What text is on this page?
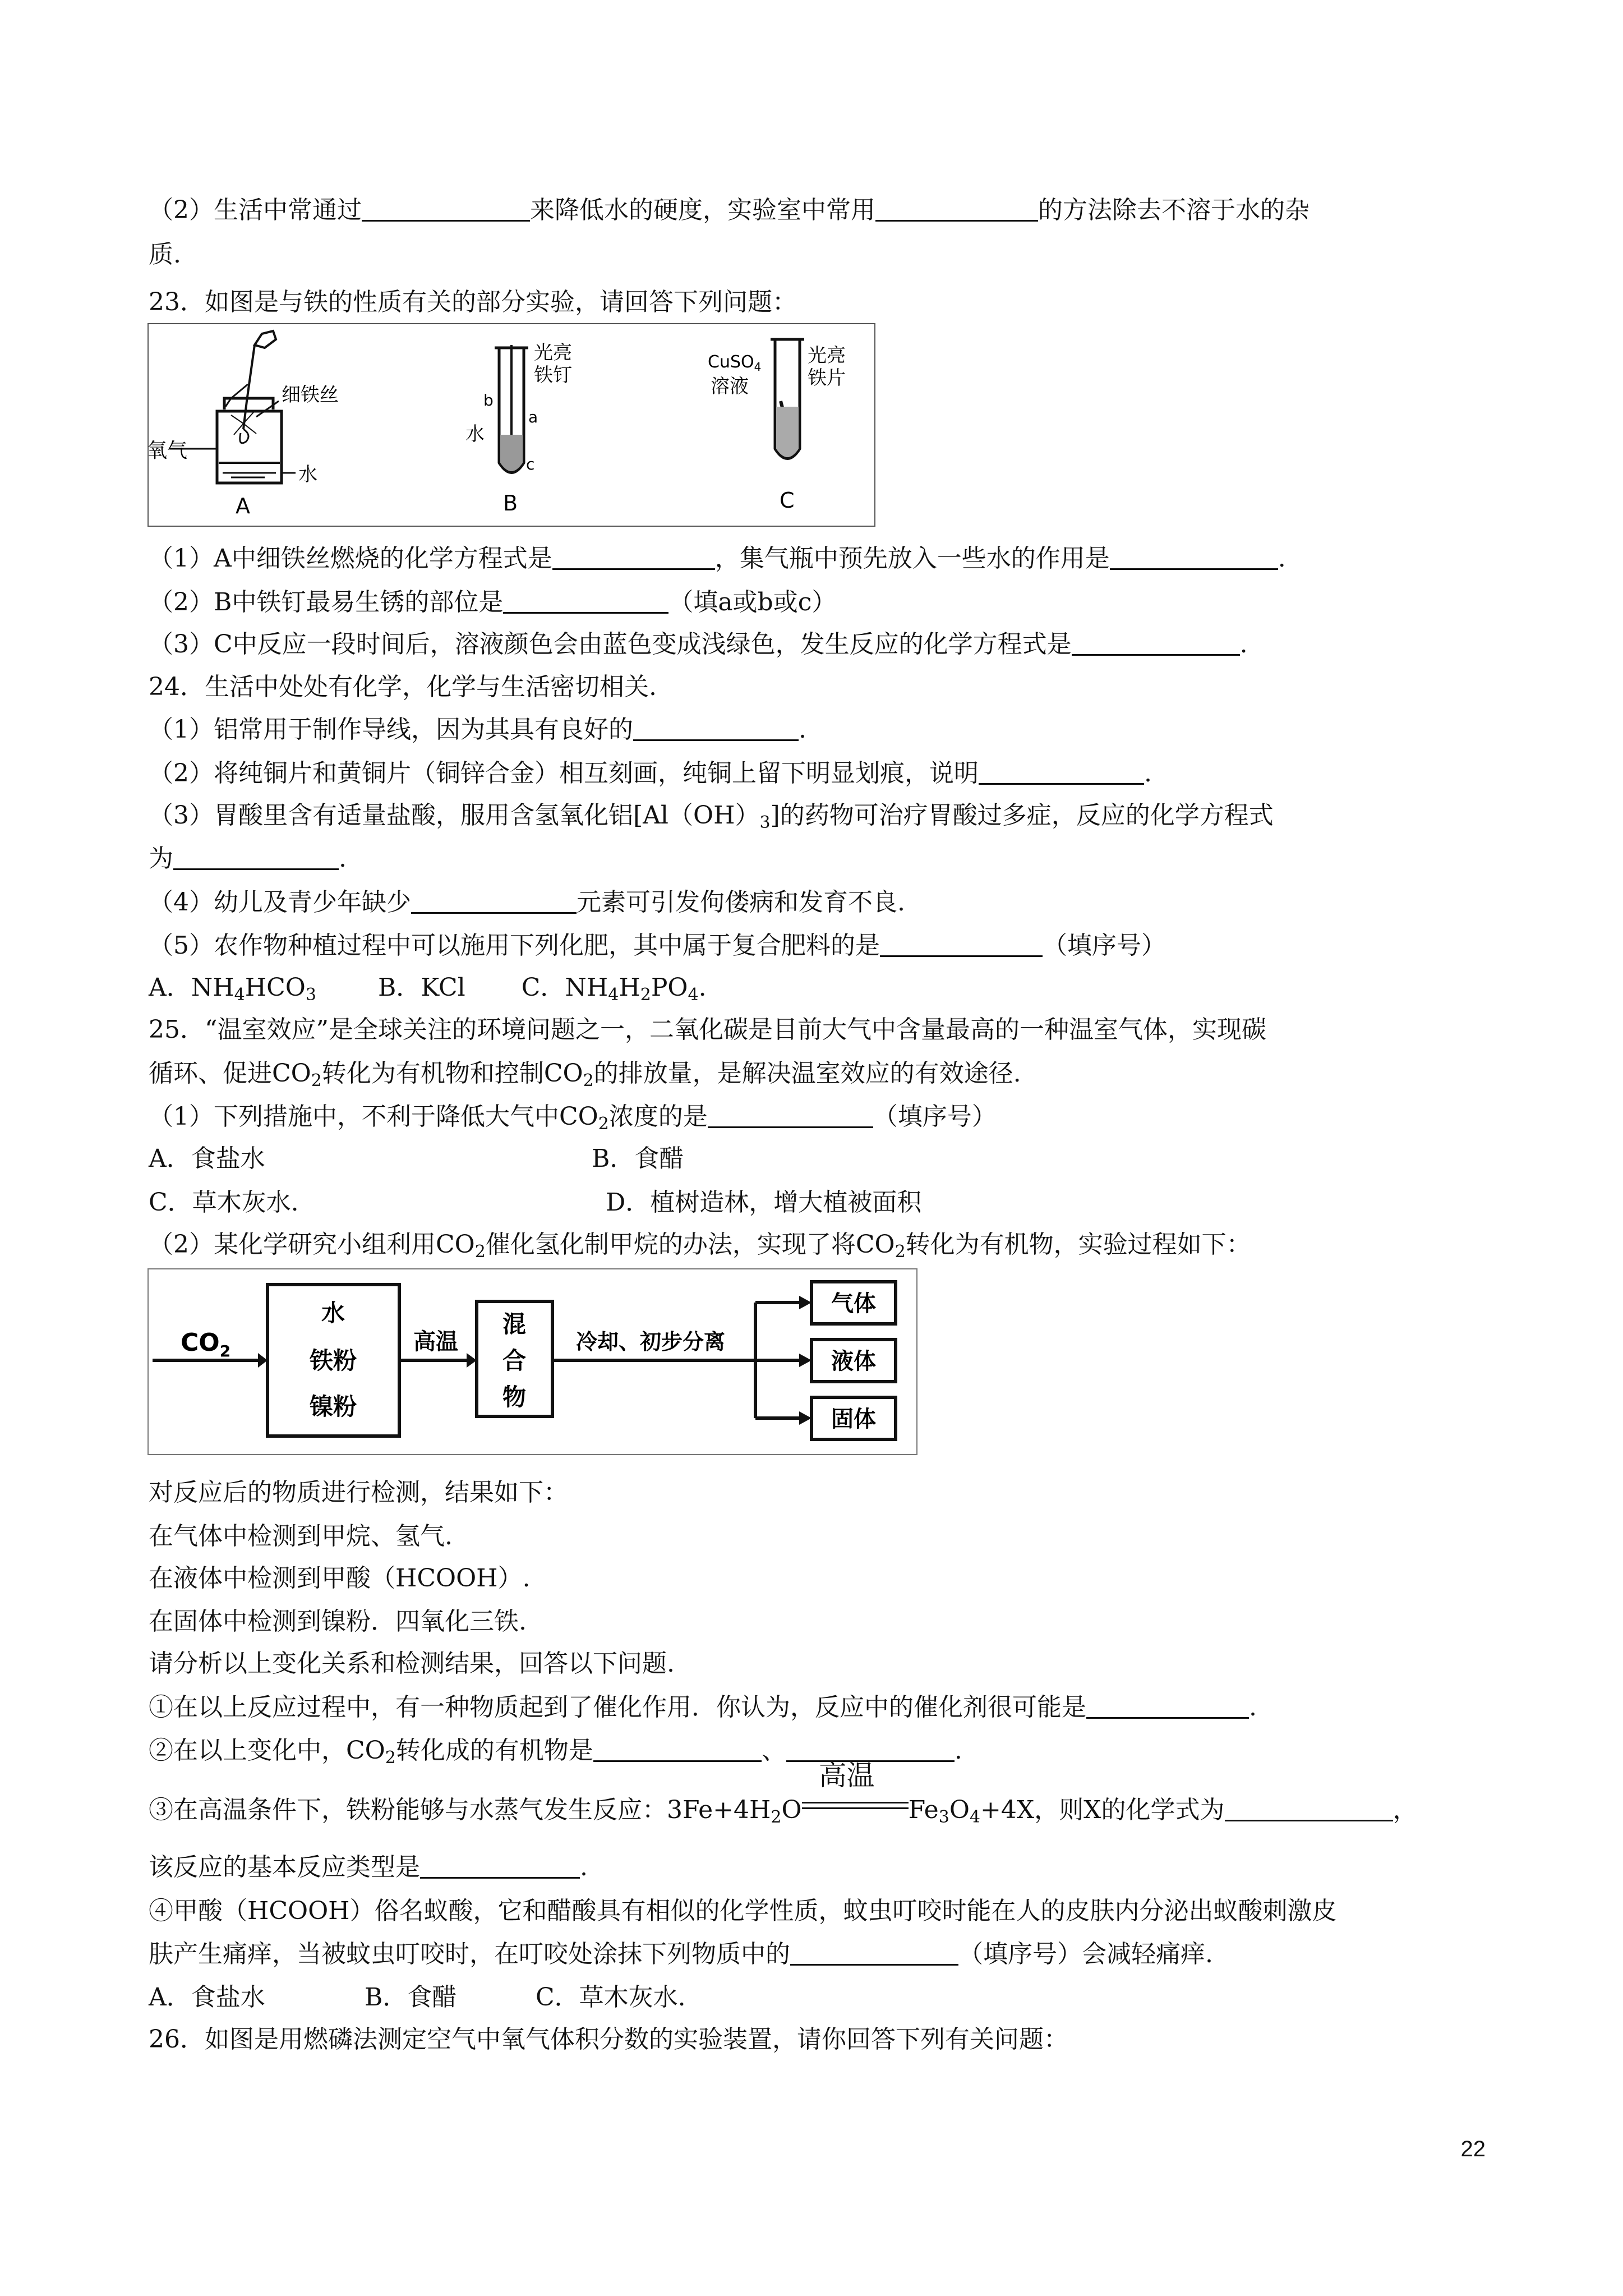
（2）生活中常通过	来降低水的硬度，实验室中常用	的方法除去不溶于水的杂
质.
23．如图是与铁的性质有关的部分实验，请回答下列问题：
氧气
细铁丝
水
A
b
a
水
c
光亮
铁钉
B
CuSO$_4$
溶液
光亮
铁片
C
（1）A中细铁丝燃烧的化学方程式是	，集气瓶中预先放入一些水的作用是	.
（2）B中铁钉最易生锈的部位是	（填a或b或c）
（3）C中反应一段时间后，溶液颜色会由蓝色变成浅绿色，发生反应的化学方程式是	.
24．生活中处处有化学，化学与生活密切相关.
（1）铝常用于制作导线，因为其具有良好的	.
（2）将纯铜片和黄铜片（铜锌合金）相互刻画，纯铜上留下明显划痕，说明	.
（3）胃酸里含有适量盐酸，服用含氢氧化铝$[Al(OH)_3]$的药物可治疗胃酸过多症，反应的化学方程式
为	.
（4）幼儿及青少年缺少	元素可引发佝偻病和发育不良.
（5）农作物种植过程中可以施用下列化肥，其中属于复合肥料的是	（填序号）
A．$NH_4HCO_3$	B．KCl C．$NH_4H_2PO_4$.
25．“温室效应”是全球关注的环境问题之一，二氧化碳是目前大气中含量最高的一种温室气体，实现碳
循环、促进$CO_2$转化为有机物和控制$CO_2$的排放量，是解决温室效应的有效途径.
（1）下列措施中，不利于降低大气中$CO_2$浓度的是	（填序号）
A．食盐水	B．食醋
C．草木灰水.	D．植树造林，增大植被面积
（2）某化学研究小组利用$CO_2$催化氢化制甲烷的办法，实现了将$CO_2$转化为有机物，实验过程如下：
$CO_2$
水
铁粉
镍粉
高温
混
合
物
冷却、初步分离
气体
液体
固体
对反应后的物质进行检测，结果如下：
在气体中检测到甲烷、氢气.
在液体中检测到甲酸（HCOOH）.
在固体中检测到镍粉．四氧化三铁.
请分析以上变化关系和检测结果，回答以下问题.
①在以上反应过程中，有一种物质起到了催化作用．你认为，反应中的催化剂很可能是	.
②在以上变化中，$CO_2$转化成的有机物是	、	.
③在高温条件下，铁粉能够与水蒸气发生反应：$3Fe+4H_2O$
高温
$Fe_3O_4+4X$，则X的化学式为	，
该反应的基本反应类型是	.
④甲酸（HCOOH）俗名蚁酸，它和醋酸具有相似的化学性质，蚊虫叮咬时能在人的皮肤内分泌出蚁酸刺激皮
肤产生痛痒，当被蚊虫叮咬时，在叮咬处涂抹下列物质中的	（填序号）会减轻痛痒.
A．食盐水	B．食醋	C．草木灰水.
26．如图是用燃磷法测定空气中氧气体积分数的实验装置，请你回答下列有关问题：
22
